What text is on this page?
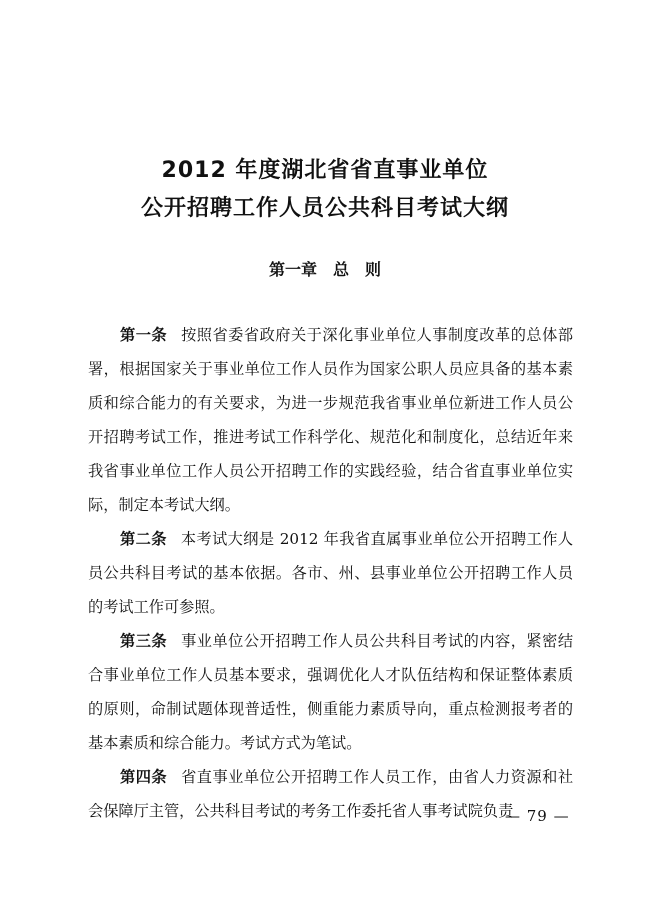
2012 年度湖北省省直事业单位
公开招聘工作人员公共科目考试大纲
第一章　总　则

第一条 按照省委省政府关于深化事业单位人事制度改革的总体部署，根据国家关于事业单位工作人员作为国家公职人员应具备的基本素质和综合能力的有关要求，为进一步规范我省事业单位新进工作人员公开招聘考试工作，推进考试工作科学化、规范化和制度化，总结近年来我省事业单位工作人员公开招聘工作的实践经验，结合省直事业单位实际，制定本考试大纲。

第二条 本考试大纲是 2012 年我省直属事业单位公开招聘工作人员公共科目考试的基本依据。各市、州、县事业单位公开招聘工作人员的考试工作可参照。

第三条 事业单位公开招聘工作人员公共科目考试的内容，紧密结合事业单位工作人员基本要求，强调优化人才队伍结构和保证整体素质的原则，命制试题体现普适性，侧重能力素质导向，重点检测报考者的基本素质和综合能力。考试方式为笔试。

第四条 省直事业单位公开招聘工作人员工作，由省人力资源和社会保障厅主管，公共科目考试的考务工作委托省人事考试院负责

— 79 —
